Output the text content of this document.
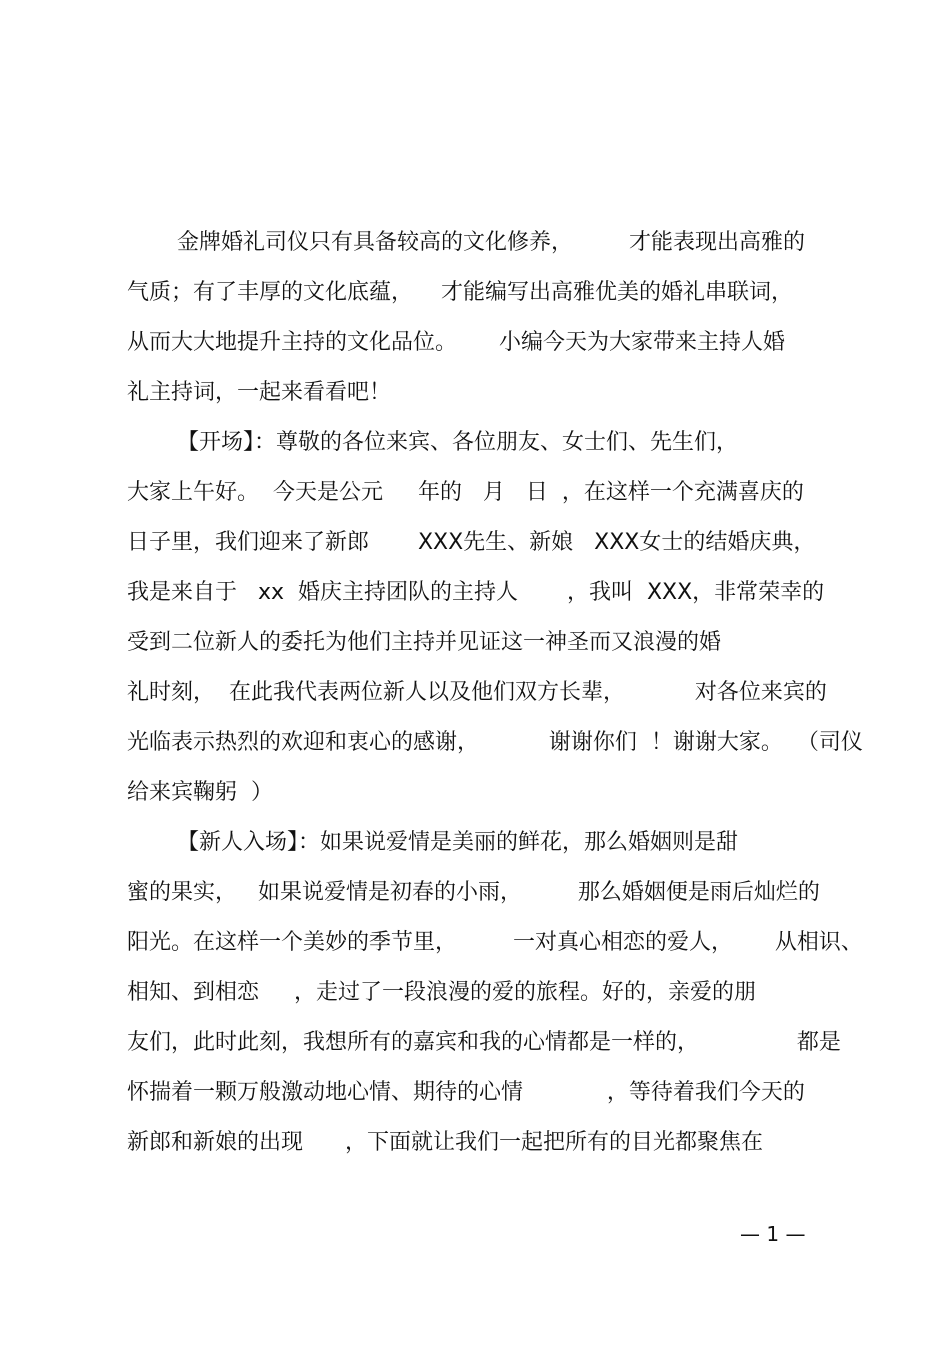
金牌婚礼司仪只有具备较高的文化修养，        才能表现出高雅的
气质；有了丰厚的文化底蕴，    才能编写出高雅优美的婚礼串联词，
从而大大地提升主持的文化品位。      小编今天为大家带来主持人婚
礼主持词，一起来看看吧！
【开场】：尊敬的各位来宾、各位朋友、女士们、先生们，
大家上午好。  今天是公元     年的   月   日  ，在这样一个充满喜庆的
日子里，我们迎来了新郎       XXX先生、新娘   XXX女士的结婚庆典，
我是来自于   xx  婚庆主持团队的主持人       ，我叫  XXX，非常荣幸的
受到二位新人的委托为他们主持并见证这一神圣而又浪漫的婚
礼时刻，  在此我代表两位新人以及他们双方长辈，          对各位来宾的
光临表示热烈的欢迎和衷心的感谢，          谢谢你们  ！谢谢大家。  （司仪
给来宾鞠躬  ）
【新人入场】：如果说爱情是美丽的鲜花，那么婚姻则是甜
蜜的果实，   如果说爱情是初春的小雨，        那么婚姻便是雨后灿烂的
阳光。在这样一个美妙的季节里，        一对真心相恋的爱人，      从相识、
相知、到相恋     ，走过了一段浪漫的爱的旅程。好的，亲爱的朋
友们，此时此刻，我想所有的嘉宾和我的心情都是一样的，              都是
怀揣着一颗万般激动地心情、期待的心情            ，等待着我们今天的
新郎和新娘的出现      ，下面就让我们一起把所有的目光都聚焦在
— 1 —
